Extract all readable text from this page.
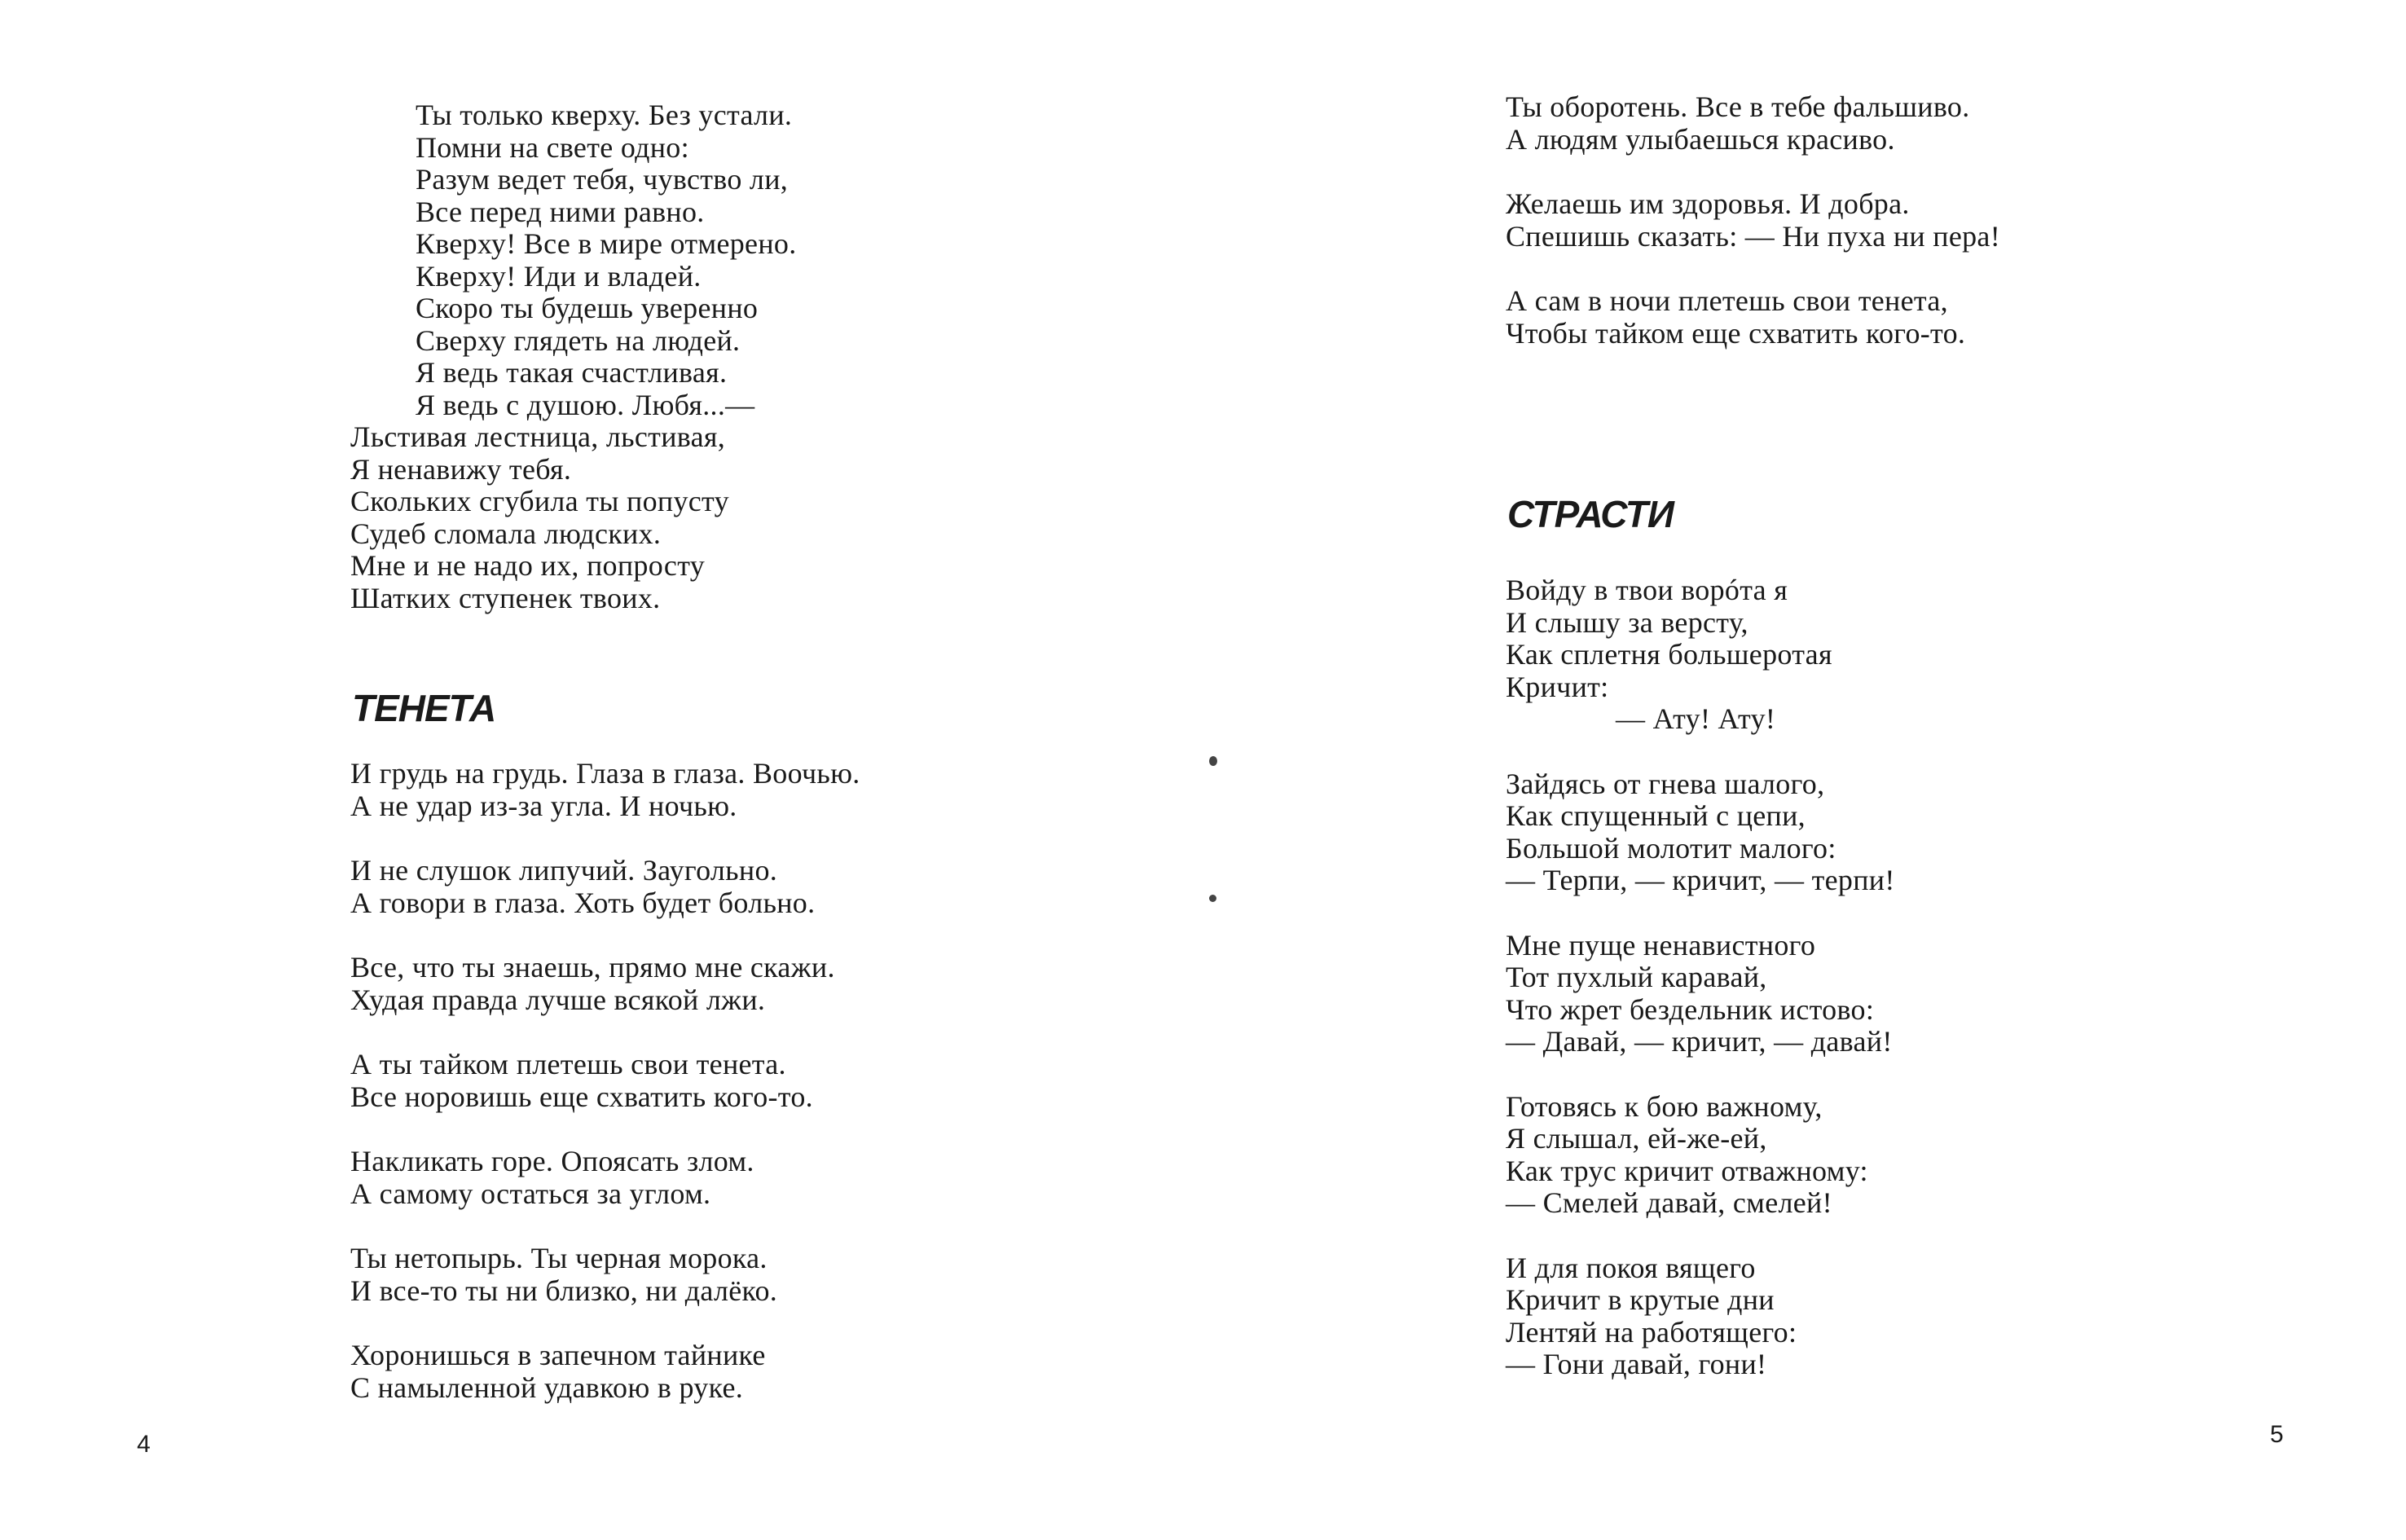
Ты только кверху. Без устали.
Помни на свете одно:
Разум ведет тебя, чувство ли,
Все перед ними равно.
Кверху! Все в мире отмерено.
Кверху! Иди и владей.
Скоро ты будешь уверенно
Сверху глядеть на людей.
Я ведь такая счастливая.
Я ведь с душою. Любя...—
Льстивая лестница, льстивая,
Я ненавижу тебя.
Скольких сгубила ты попусту
Судеб сломала людских.
Мне и не надо их, попросту
Шатких ступенек твоих.
ТЕНЕТА
И грудь на грудь. Глаза в глаза. Воочью.
А не удар из-за угла. И ночью.
И не слушок липучий. Заугольно.
А говори в глаза. Хоть будет больно.
Все, что ты знаешь, прямо мне скажи.
Худая правда лучше всякой лжи.
А ты тайком плетешь свои тенета.
Все норовишь еще схватить кого-то.
Накликать горе. Опоясать злом.
А самому остаться за углом.
Ты нетопырь. Ты черная морока.
И все-то ты ни близко, ни далёко.
Хоронишься в запечном тайнике
С намыленной удавкою в руке.
4
Ты оборотень. Все в тебе фальшиво.
А людям улыбаешься красиво.
Желаешь им здоровья. И добра.
Спешишь сказать: — Ни пуха ни пера!
А сам в ночи плетешь свои тенета,
Чтобы тайком еще схватить кого-то.
СТРАСТИ
Войду в твои ворóта я
И слышу за версту,
Как сплетня большеротая
Кричит:
— Ату! Ату!
Зайдясь от гнева шалого,
Как спущенный с цепи,
Большой молотит малого:
— Терпи, — кричит, — терпи!
Мне пуще ненавистного
Тот пухлый каравай,
Что жрет бездельник истово:
— Давай, — кричит, — давай!
Готовясь к бою важному,
Я слышал, ей-же-ей,
Как трус кричит отважному:
— Смелей давай, смелей!
И для покоя вящего
Кричит в крутые дни
Лентяй на работящего:
— Гони давай, гони!
5
